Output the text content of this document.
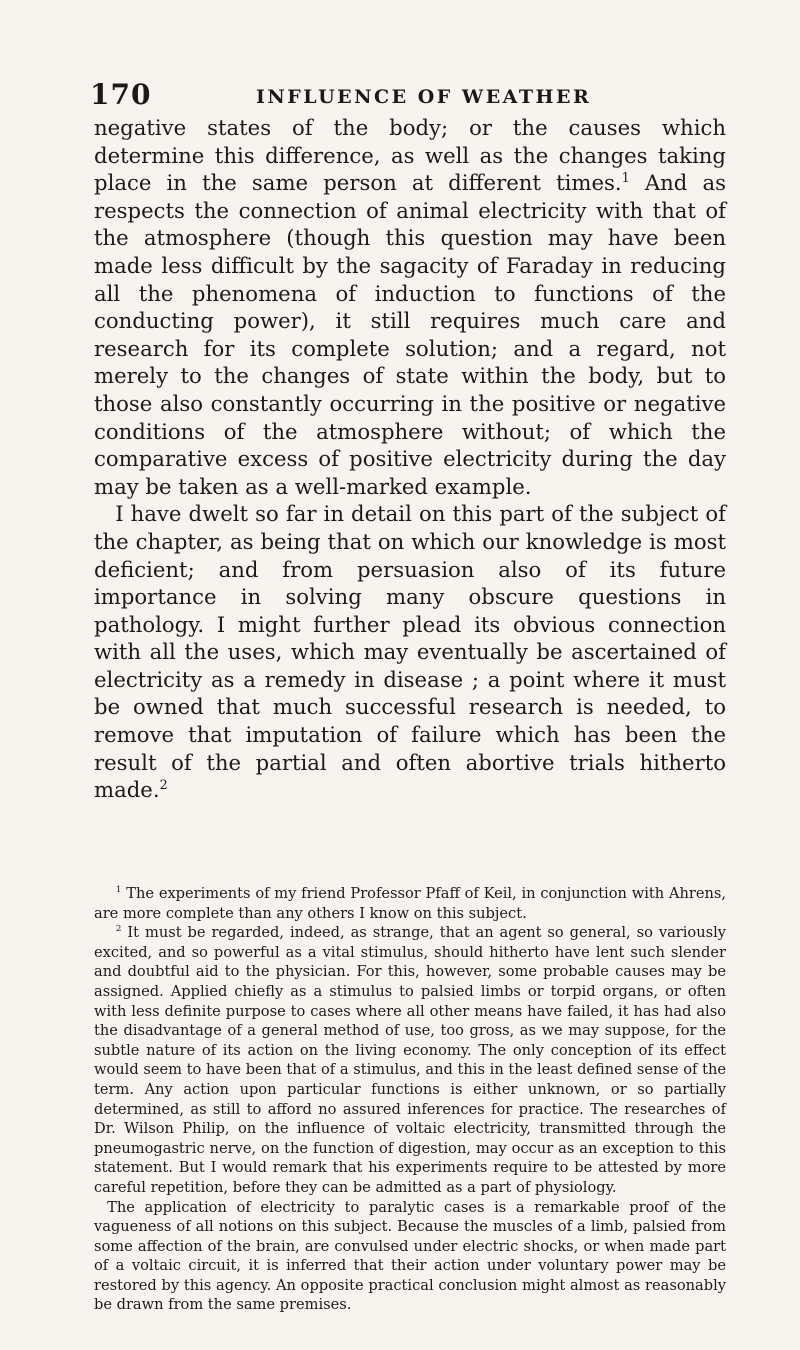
170	INFLUENCE OF WEATHER

negative states of the body; or the causes which determine this difference, as well as the changes taking place in the same person at different times.$^1$ And as respects the connection of animal electricity with that of the atmosphere (though this question may have been made less difficult by the sagacity of Faraday in reducing all the phenomena of induction to functions of the conducting power), it still requires much care and research for its complete solution; and a regard, not merely to the changes of state within the body, but to those also constantly occurring in the positive or negative conditions of the atmosphere without; of which the comparative excess of positive electricity during the day may be taken as a well-marked example.

I have dwelt so far in detail on this part of the subject of the chapter, as being that on which our knowledge is most deficient; and from persuasion also of its future importance in solving many obscure questions in pathology. I might further plead its obvious connection with all the uses, which may eventually be ascertained of electricity as a remedy in disease ; a point where it must be owned that much successful research is needed, to remove that imputation of failure which has been the result of the partial and often abortive trials hitherto made.$^2$

$^1$ The experiments of my friend Professor Pfaff of Keil, in conjunction with Ahrens, are more complete than any others I know on this subject.

$^2$ It must be regarded, indeed, as strange, that an agent so general, so variously excited, and so powerful as a vital stimulus, should hitherto have lent such slender and doubtful aid to the physician. For this, however, some probable causes may be assigned. Applied chiefly as a stimulus to palsied limbs or torpid organs, or often with less definite purpose to cases where all other means have failed, it has had also the disadvantage of a general method of use, too gross, as we may suppose, for the subtle nature of its action on the living economy. The only conception of its effect would seem to have been that of a stimulus, and this in the least defined sense of the term. Any action upon particular functions is either unknown, or so partially determined, as still to afford no assured inferences for practice. The researches of Dr. Wilson Philip, on the influence of voltaic electricity, transmitted through the pneumogastric nerve, on the function of digestion, may occur as an exception to this statement. But I would remark that his experiments require to be attested by more careful repetition, before they can be admitted as a part of physiology.

The application of electricity to paralytic cases is a remarkable proof of the vagueness of all notions on this subject. Because the muscles of a limb, palsied from some affection of the brain, are convulsed under electric shocks, or when made part of a voltaic circuit, it is inferred that their action under voluntary power may be restored by this agency. An opposite practical conclusion might almost as reasonably be drawn from the same premises.
